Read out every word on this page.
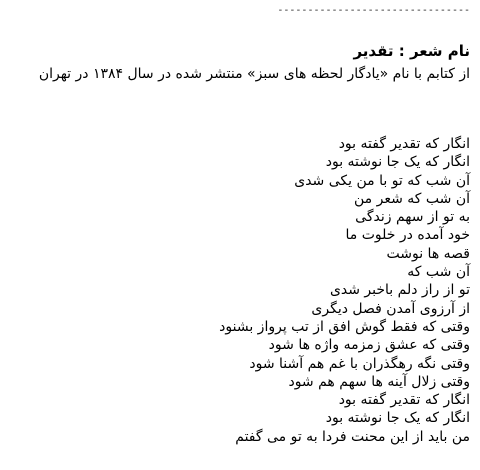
--------------------------------
نام شعر : تقدیر
از کتابم با نام «یادگار لحظه های سبز» منتشر شده در سال ۱۳۸۴ در تهران
انگار که تقدیر گفته بود
انگار که یک جا نوشته بود
آن شب که تو با من یکی شدی
آن شب که شعر من
به تو از سهم زندگی
خود آمده در خلوت ما
قصه ها نوشت
آن شب که
تو از راز دلم باخبر شدی
از آرزوی آمدن فصل دیگری
وقتی که فقط گوش افق از تب پرواز بشنود
وقتی که عشق زمزمه واژه ها شود
وقتی نگه رهگذران با غم هم آشنا شود
وقتی زلال آینه ها سهم هم شود
انگار که تقدیر گفته بود
انگار که یک جا نوشته بود
من باید از این محنت فردا به تو می گفتم
